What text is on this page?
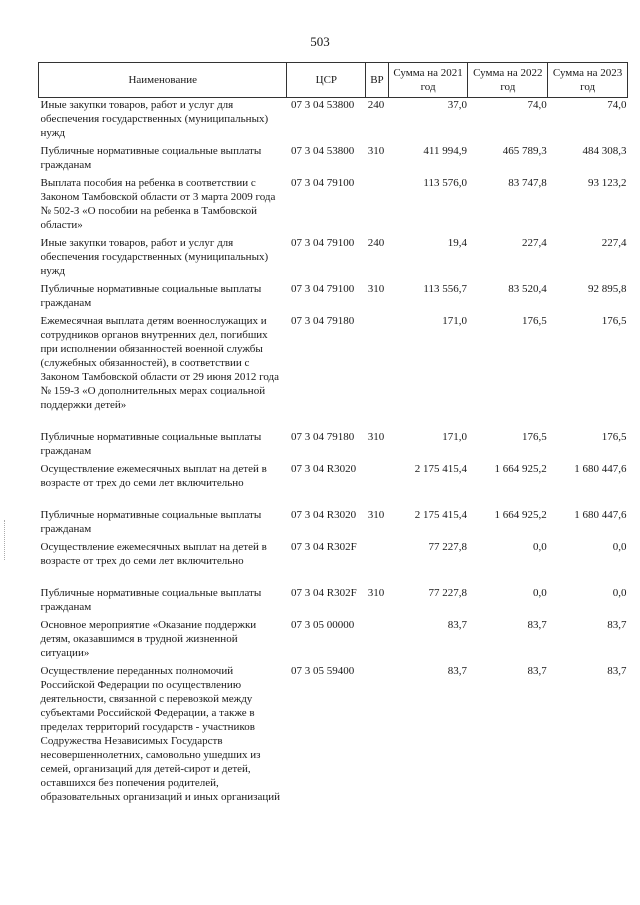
503
Наименование	ЦСР	ВР	Сумма на 2021 год	Сумма на 2022 год	Сумма на 2023 год
Иные закупки товаров, работ и услуг для обеспечения государственных (муниципальных) нужд	07 3 04 53800	240	37,0	74,0	74,0
Публичные нормативные социальные выплаты гражданам	07 3 04 53800	310	411 994,9	465 789,3	484 308,3
Выплата пособия на ребенка в соответствии с Законом Тамбовской области от 3 марта 2009 года № 502-З «О пособии на ребенка в Тамбовской области»	07 3 04 79100		113 576,0	83 747,8	93 123,2
Иные закупки товаров, работ и услуг для обеспечения государственных (муниципальных) нужд	07 3 04 79100	240	19,4	227,4	227,4
Публичные нормативные социальные выплаты гражданам	07 3 04 79100	310	113 556,7	83 520,4	92 895,8
Ежемесячная выплата детям военнослужащих и сотрудников органов внутренних дел, погибших при исполнении обязанностей военной службы (служебных обязанностей), в соответствии с Законом Тамбовской области от 29 июня 2012 года № 159-З «О дополнительных мерах социальной поддержки детей»	07 3 04 79180		171,0	176,5	176,5
Публичные нормативные социальные выплаты гражданам	07 3 04 79180	310	171,0	176,5	176,5
Осуществление ежемесячных выплат на детей в возрасте от трех до семи лет включительно	07 3 04 R3020		2 175 415,4	1 664 925,2	1 680 447,6
Публичные нормативные социальные выплаты гражданам	07 3 04 R3020	310	2 175 415,4	1 664 925,2	1 680 447,6
Осуществление ежемесячных выплат на детей в возрасте от трех до семи лет включительно	07 3 04 R302F		77 227,8	0,0	0,0
Публичные нормативные социальные выплаты гражданам	07 3 04 R302F	310	77 227,8	0,0	0,0
Основное мероприятие «Оказание поддержки детям, оказавшимся в трудной жизненной ситуации»	07 3 05 00000		83,7	83,7	83,7
Осуществление переданных полномочий Российской Федерации по осуществлению деятельности, связанной с перевозкой между субъектами Российской Федерации, а также в пределах территорий государств - участников Содружества Независимых Государств несовершеннолетних, самовольно ушедших из семей, организаций для детей-сирот и детей, оставшихся без попечения родителей, образовательных организаций и иных организаций	07 3 05 59400		83,7	83,7	83,7
